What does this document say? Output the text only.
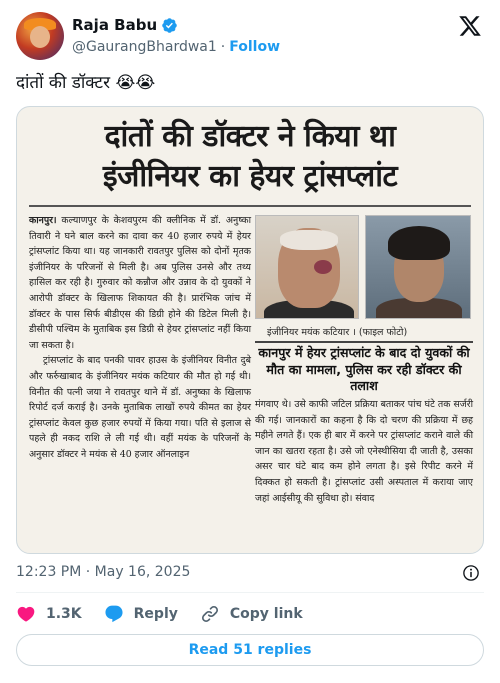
Raja Babu
@GaurangBhardwa1 · Follow
दांतों की डॉक्टर 😭😭
दांतों की डॉक्टर ने किया था
इंजीनियर का हेयर ट्रांसप्लांट

कानपुर। कल्याणपुर के केशवपुरम की क्लीनिक में डॉ. अनुष्का तिवारी ने घने बाल करने का दावा कर 40 हजार रुपये में हेयर ट्रांसप्लांट किया था। यह जानकारी रावतपुर पुलिस को दोनों मृतक इंजीनियर के परिजनों से मिली है। अब पुलिस उनसे और तथ्य हासिल कर रही है। गुरुवार को कन्नौज और उन्नाव के दो युवकों ने आरोपी डॉक्टर के खिलाफ शिकायत की है। प्रारंभिक जांच में डॉक्टर के पास सिर्फ बीडीएस की डिग्री होने की डिटेल मिली है। डीसीपी पश्चिम के मुताबिक इस डिग्री से हेयर ट्रांसप्लांट नहीं किया जा सकता है।

ट्रांसप्लांट के बाद पनकी पावर हाउस के इंजीनियर विनीत दुबे और फर्रुखाबाद के इंजीनियर मयंक कटियार की मौत हो गई थी। विनीत की पत्नी जया ने रावतपुर थाने में डॉ. अनुष्का के खिलाफ रिपोर्ट दर्ज कराई है। उनके मुताबिक लाखों रुपये कीमत का हेयर ट्रांसप्लांट केवल कुछ हजार रुपयों में किया गया। पति से इलाज से पहले ही नकद राशि ले ली गई थी। वहीं मयंक के परिजनों के अनुसार डॉक्टर ने मयंक से 40 हजार ऑनलाइन

इंजीनियर मयंक कटियार । (फाइल फोटो)
कानपुर में हेयर ट्रांसप्लांट के बाद दो युवकों की मौत का मामला, पुलिस कर रही डॉक्टर की तलाश
मंगवाए थे। उसे काफी जटिल प्रक्रिया बताकर पांच घंटे तक सर्जरी की गई। जानकारों का कहना है कि दो चरण की प्रक्रिया में छह महीने लगते हैं। एक ही बार में करने पर ट्रांसप्लांट कराने वाले की जान का खतरा रहता है। उसे जो एनेस्थीसिया दी जाती है, उसका असर चार घंटे बाद कम होने लगता है। इसे रिपीट करने में दिक्कत हो सकती है। ट्रांसप्लांट उसी अस्पताल में कराया जाए जहां आईसीयू की सुविधा हो। संवाद
12:23 PM · May 16, 2025
1.3K	Reply	Copy link
Read 51 replies
